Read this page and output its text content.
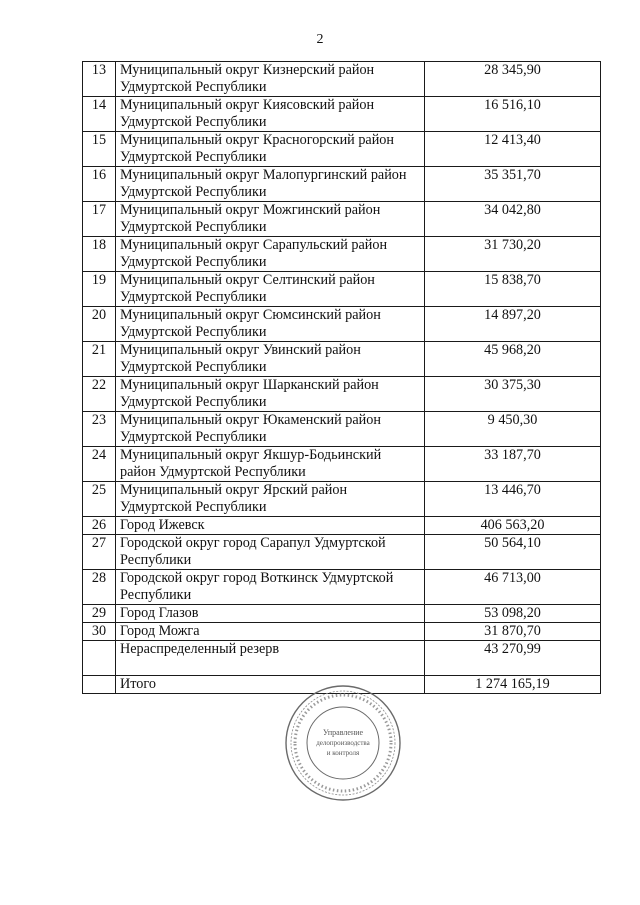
2
13	Муниципальный округ Кизнерский район Удмуртской Республики	28 345,90
14	Муниципальный округ Киясовский район Удмуртской Республики	16 516,10
15	Муниципальный округ Красногорский район Удмуртской Республики	12 413,40
16	Муниципальный округ Малопургинский район Удмуртской Республики	35 351,70
17	Муниципальный округ Можгинский район Удмуртской Республики	34 042,80
18	Муниципальный округ Сарапульский район Удмуртской Республики	31 730,20
19	Муниципальный округ Селтинский район Удмуртской Республики	15 838,70
20	Муниципальный округ Сюмсинский район Удмуртской Республики	14 897,20
21	Муниципальный округ Увинский район Удмуртской Республики	45 968,20
22	Муниципальный округ Шарканский район Удмуртской Республики	30 375,30
23	Муниципальный округ Юкаменский район Удмуртской Республики	9 450,30
24	Муниципальный округ Якшур-Бодьинский район Удмуртской Республики	33 187,70
25	Муниципальный округ Ярский район Удмуртской Республики	13 446,70
26	Город Ижевск	406 563,20
27	Городской округ город Сарапул Удмуртской Республики	50 564,10
28	Городской округ город Воткинск Удмуртской Республики	46 713,00
29	Город Глазов	53 098,20
30	Город Можга	31 870,70
	Нераспределенный резерв	43 270,99
	Итого	1 274 165,19
Управление
делопроизводства
и контроля
